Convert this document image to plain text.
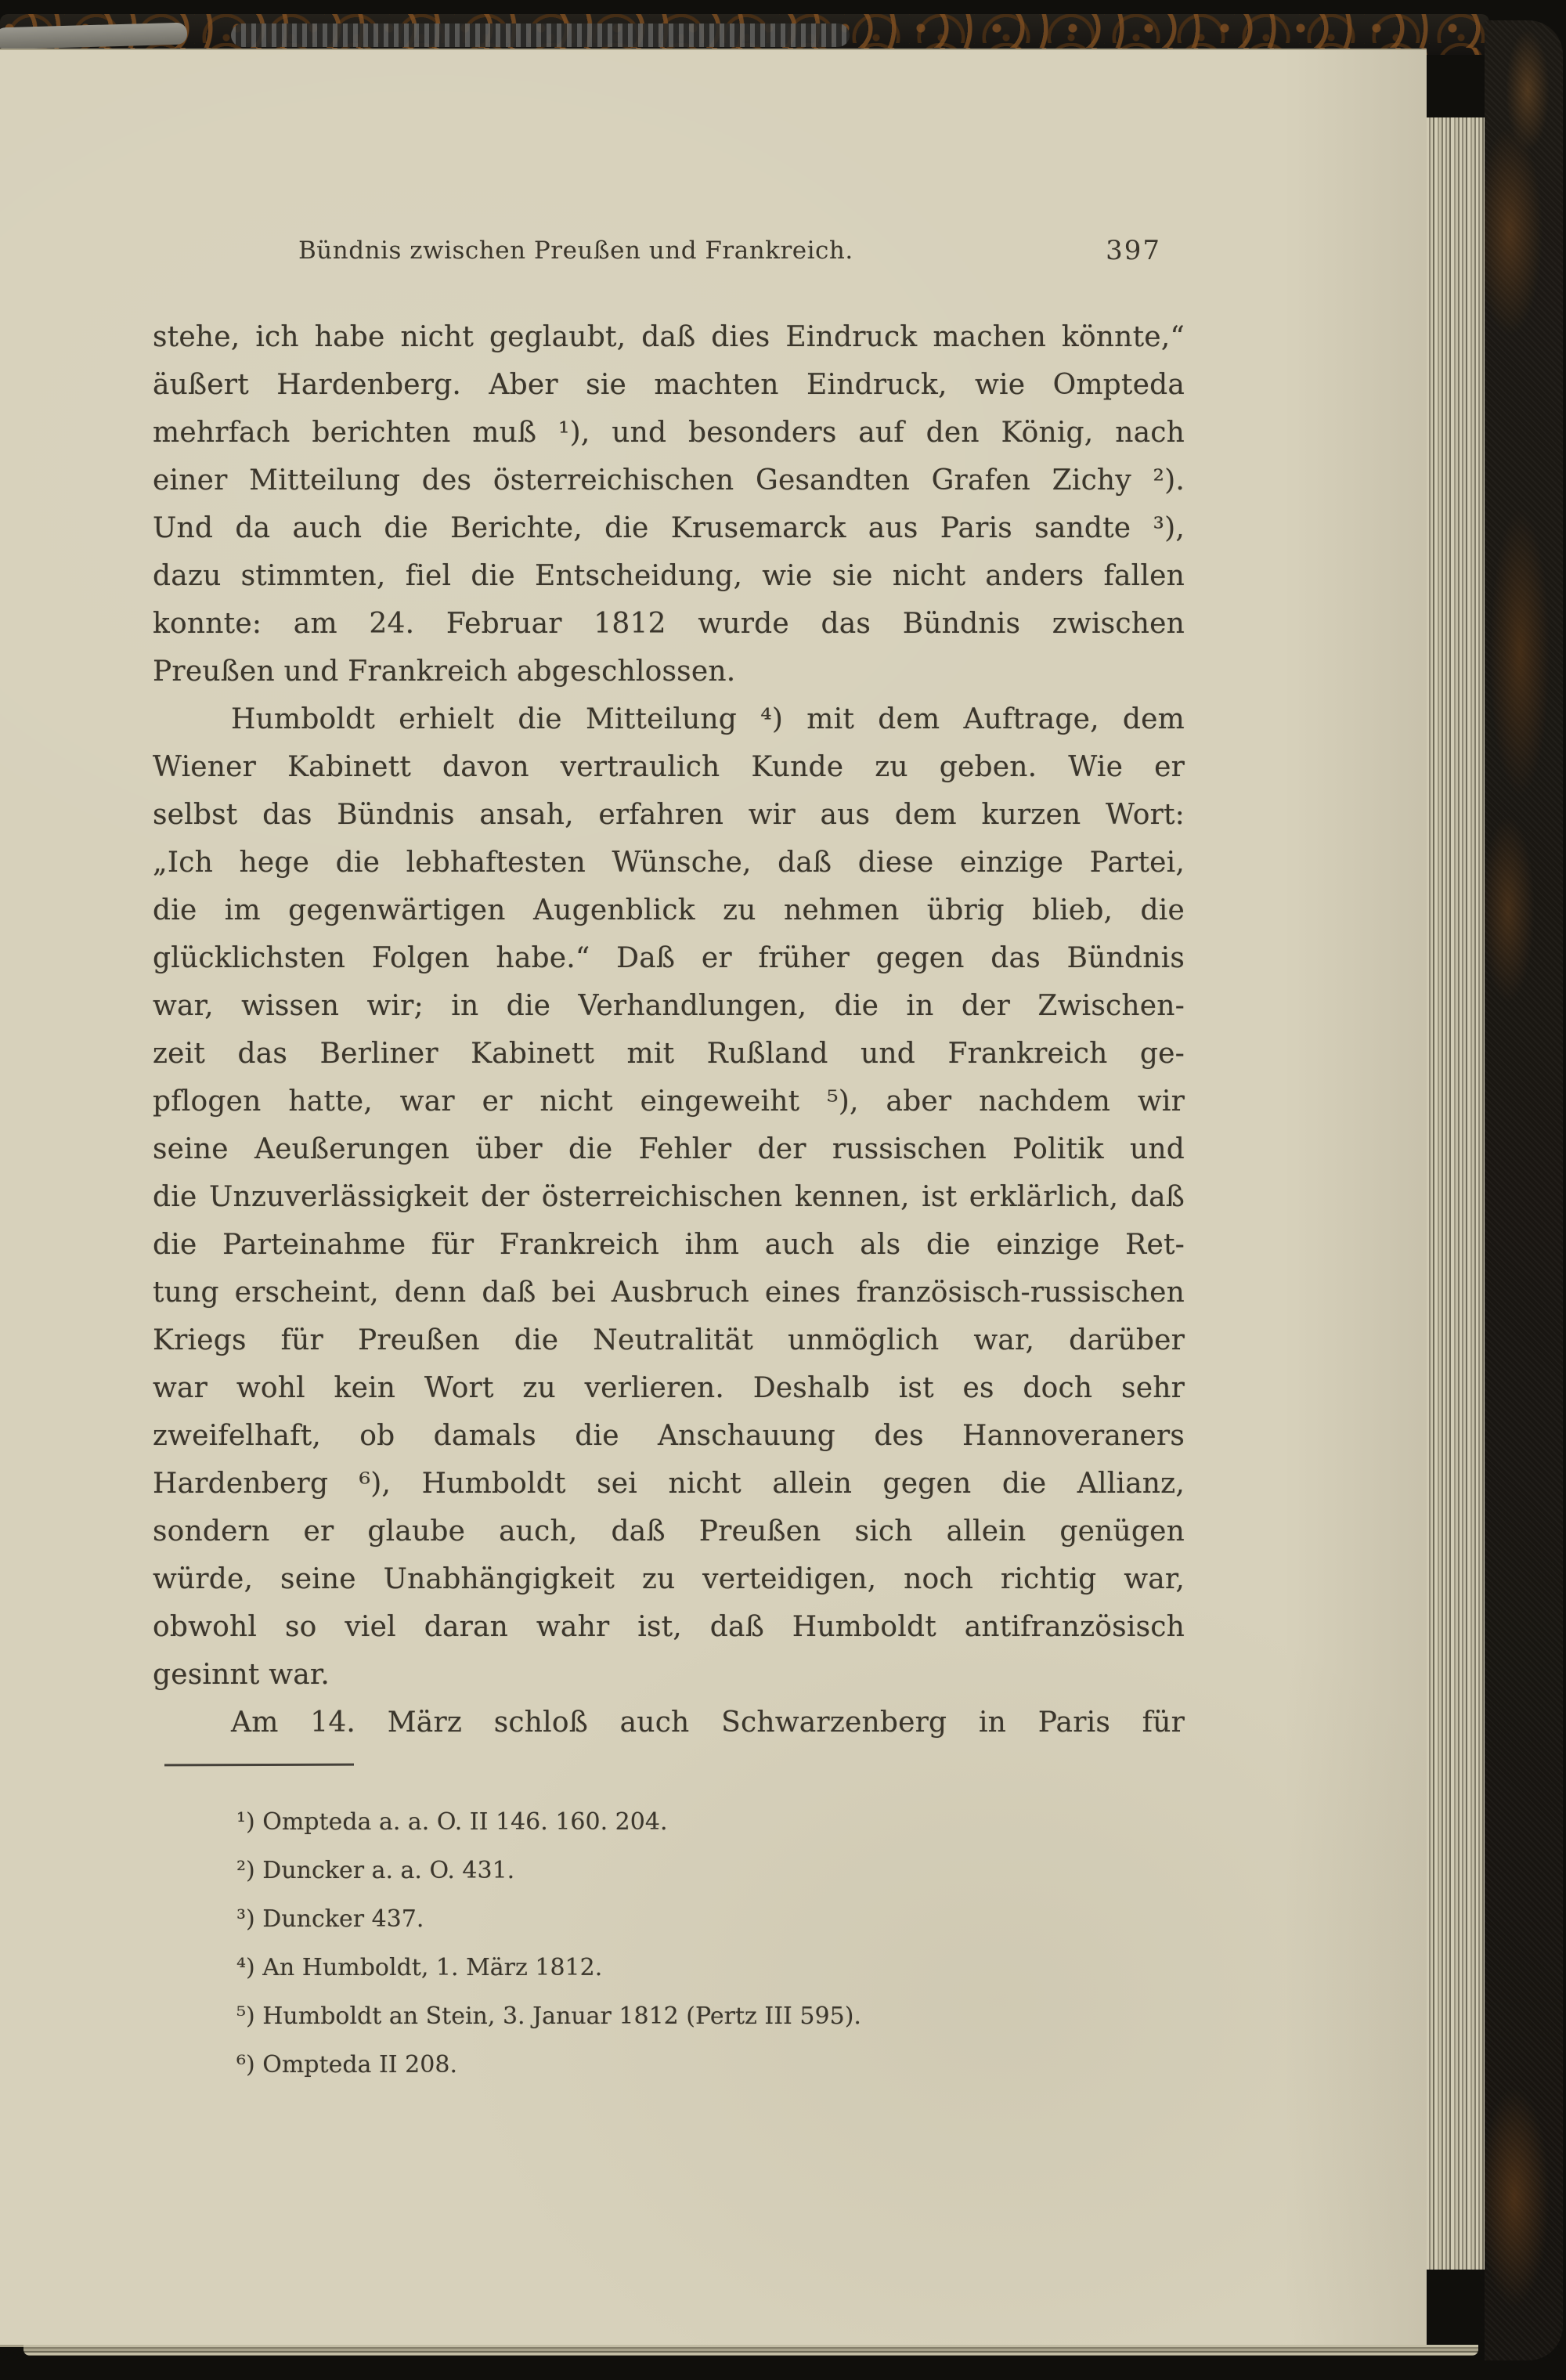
Bündnis zwischen Preußen und Frankreich.	397
stehe, ich habe nicht geglaubt, daß dies Eindruck machen könnte,“
äußert Hardenberg. Aber sie machten Eindruck, wie Ompteda
mehrfach berichten muß ¹), und besonders auf den König, nach
einer Mitteilung des österreichischen Gesandten Grafen Zichy ²).
Und da auch die Berichte, die Krusemarck aus Paris sandte ³),
dazu stimmten, fiel die Entscheidung, wie sie nicht anders fallen
konnte: am 24. Februar 1812 wurde das Bündnis zwischen
Preußen und Frankreich abgeschlossen.
Humboldt erhielt die Mitteilung ⁴) mit dem Auftrage, dem
Wiener Kabinett davon vertraulich Kunde zu geben. Wie er
selbst das Bündnis ansah, erfahren wir aus dem kurzen Wort:
„Ich hege die lebhaftesten Wünsche, daß diese einzige Partei,
die im gegenwärtigen Augenblick zu nehmen übrig blieb, die
glücklichsten Folgen habe.“ Daß er früher gegen das Bündnis
war, wissen wir; in die Verhandlungen, die in der Zwischen-
zeit das Berliner Kabinett mit Rußland und Frankreich ge-
pflogen hatte, war er nicht eingeweiht ⁵), aber nachdem wir
seine Aeußerungen über die Fehler der russischen Politik und
die Unzuverlässigkeit der österreichischen kennen, ist erklärlich, daß
die Parteinahme für Frankreich ihm auch als die einzige Ret-
tung erscheint, denn daß bei Ausbruch eines französisch-russischen
Kriegs für Preußen die Neutralität unmöglich war, darüber
war wohl kein Wort zu verlieren. Deshalb ist es doch sehr
zweifelhaft, ob damals die Anschauung des Hannoveraners
Hardenberg ⁶), Humboldt sei nicht allein gegen die Allianz,
sondern er glaube auch, daß Preußen sich allein genügen
würde, seine Unabhängigkeit zu verteidigen, noch richtig war,
obwohl so viel daran wahr ist, daß Humboldt antifranzösisch
gesinnt war.
Am 14. März schloß auch Schwarzenberg in Paris für
¹) Ompteda a. a. O. II 146. 160. 204.
²) Duncker a. a. O. 431.
³) Duncker 437.
⁴) An Humboldt, 1. März 1812.
⁵) Humboldt an Stein, 3. Januar 1812 (Pertz III 595).
⁶) Ompteda II 208.
